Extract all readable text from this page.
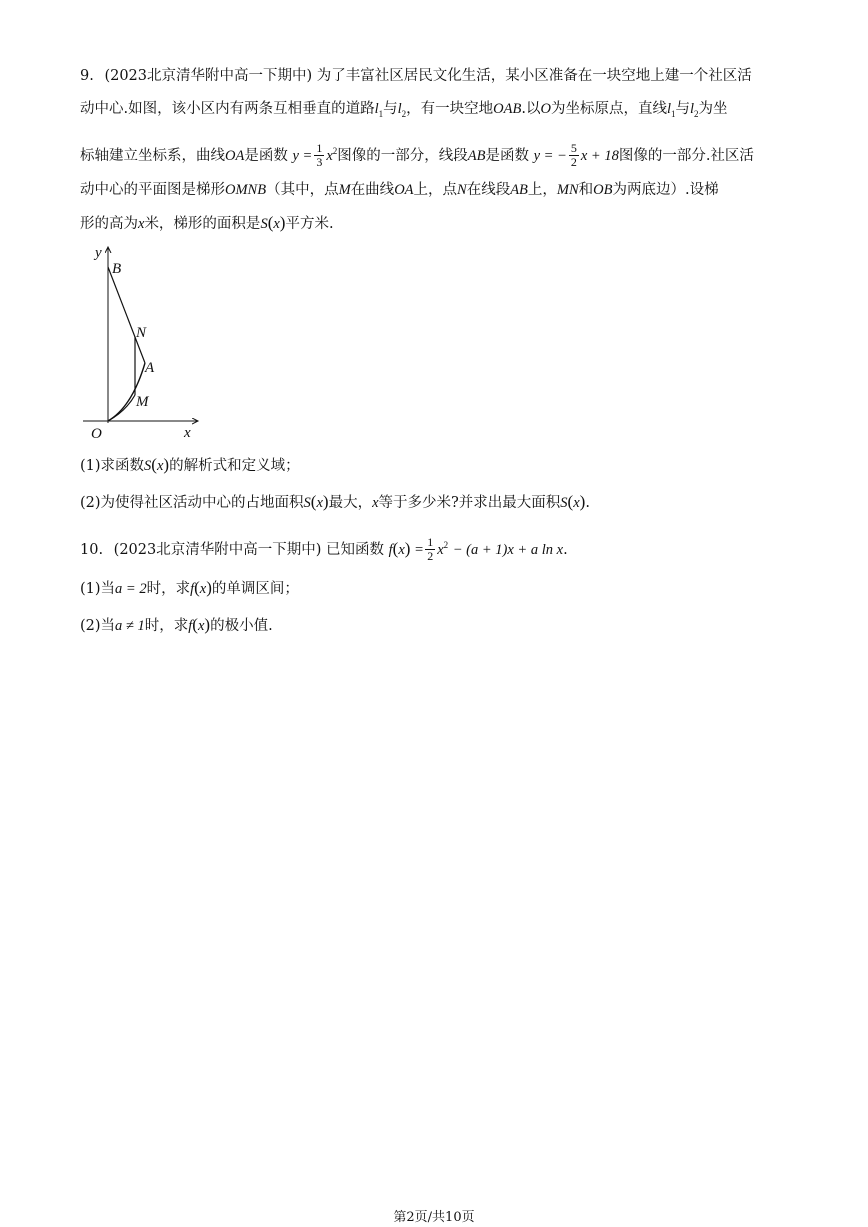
9. (2023北京清华附中高一下期中) 为了丰富社区居民文化生活，某小区准备在一块空地上建一个社区活
动中心.如图，该小区内有两条互相垂直的道路$l_1$与$l_2$，有一块空地OAB.以O为坐标原点，直线$l_1$与$l_2$为坐
标轴建立坐标系，曲线OA是函数 $y = \frac{1}{3} x^2$图像的一部分，线段AB是函数 y = − $\frac{5}{2}$ x + 18图像的一部分.社区活
动中心的平面图是梯形OMNB（其中，点M在曲线OA上，点N在线段AB上，MN和OB为两底边）.设梯
形的高为x米，梯形的面积是S(x)平方米.
y
B
N
A
M
O	x
(1)求函数S(x)的解析式和定义域；
(2)为使得社区活动中心的占地面积S(x)最大，x等于多少米?并求出最大面积S(x).
10. (2023北京清华附中高一下期中) 已知函数 $f(x) = \frac{1}{2} x^2 - (a + 1)x + a$ ln x.
(1)当a = 2时，求f(x)的单调区间；
(2)当a ≠ 1时，求f(x)的极小值.
第2页/共10页
